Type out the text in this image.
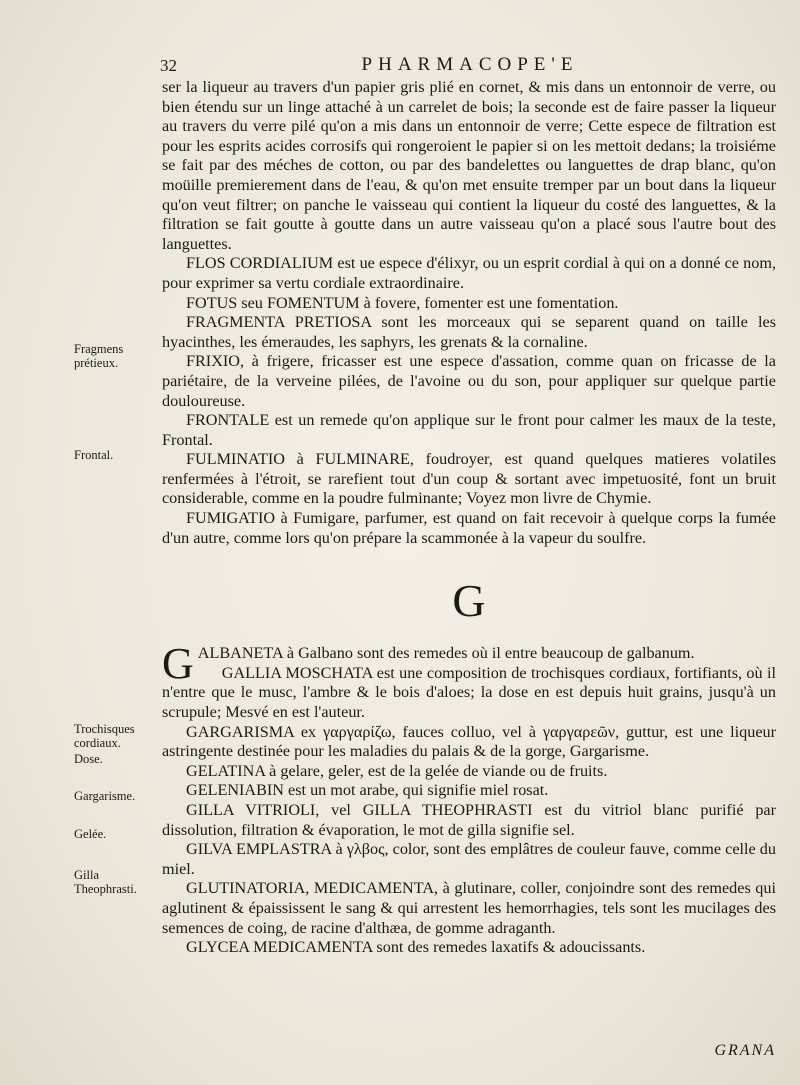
32	PHARMACOPE'E

ser la liqueur au travers d'un papier gris plié en cornet, & mis dans un entonnoir de verre, ou bien étendu sur un linge attaché à un carrelet de bois; la seconde est de faire passer la liqueur au travers du verre pilé qu'on a mis dans un entonnoir de verre; Cette espece de filtration est pour les esprits acides corrosifs qui rongeroient le papier si on les mettoit dedans; la troisiéme se fait par des méches de cotton, ou par des bandelettes ou languettes de drap blanc, qu'on moüille premierement dans de l'eau, & qu'on met ensuite tremper par un bout dans la liqueur qu'on veut filtrer; on panche le vaisseau qui contient la liqueur du costé des languettes, & la filtration se fait goutte à goutte dans un autre vaisseau qu'on a placé sous l'autre bout des languettes.

FLOS CORDIALIUM est ue espece d'élixyr, ou un esprit cordial à qui on a donné ce nom, pour exprimer sa vertu cordiale extraordinaire.

FOTUS seu FOMENTUM à fovere, fomenter est une fomentation.

FRAGMENTA PRETIOSA sont les morceaux qui se separent quand on taille les hyacinthes, les émeraudes, les saphyrs, les grenats & la cornaline.

FRIXIO, à frigere, fricasser est une espece d'assation, comme quan on fricasse de la pariétaire, de la verveine pilées, de l'avoine ou du son, pour appliquer sur quelque partie douloureuse.

FRONTALE est un remede qu'on applique sur le front pour calmer les maux de la teste, Frontal.

FULMINATIO à FULMINARE, foudroyer, est quand quelques matieres volatiles renfermées à l'étroit, se rarefient tout d'un coup & sortant avec impetuosité, font un bruit considerable, comme en la poudre fulminante; Voyez mon livre de Chymie.

FUMIGATIO à Fumigare, parfumer, est quand on fait recevoir à quelque corps la fumée d'un autre, comme lors qu'on prépare la scammonée à la vapeur du soulfre.

G

G ALBANETA à Galbano sont des remedes où il entre beaucoup de galbanum.

GALLIA MOSCHATA est une composition de trochisques cordiaux, fortifiants, où il n'entre que le musc, l'ambre & le bois d'aloes; la dose en est depuis huit grains, jusqu'à un scrupule; Mesvé en est l'auteur.

GARGARISMA ex γαργαρίζω, fauces colluo, vel à γαργαρεῶν, guttur, est une liqueur astringente destinée pour les maladies du palais & de la gorge, Gargarisme.

GELATINA à gelare, geler, est de la gelée de viande ou de fruits.

GELENIABIN est un mot arabe, qui signifie miel rosat.

GILLA VITRIOLI, vel GILLA THEOPHRASTI est du vitriol blanc purifié par dissolution, filtration & évaporation, le mot de gilla signifie sel.

GILVA EMPLASTRA à γλβος, color, sont des emplâtres de couleur fauve, comme celle du miel.

GLUTINATORIA, MEDICAMENTA, à glutinare, coller, conjoindre sont des remedes qui aglutinent & épaississent le sang & qui arrestent les hemorrhagies, tels sont les mucilages des semences de coing, de racine d'althæa, de gomme adraganth.

GLYCEA MEDICAMENTA sont des remedes laxatifs & adoucissants.

Fragmens prétieux.
Frontal.
Trochisques cordiaux.
Dose.
Gargarisme.
Gelée.
Gilla Theophrasti.
GRANA
